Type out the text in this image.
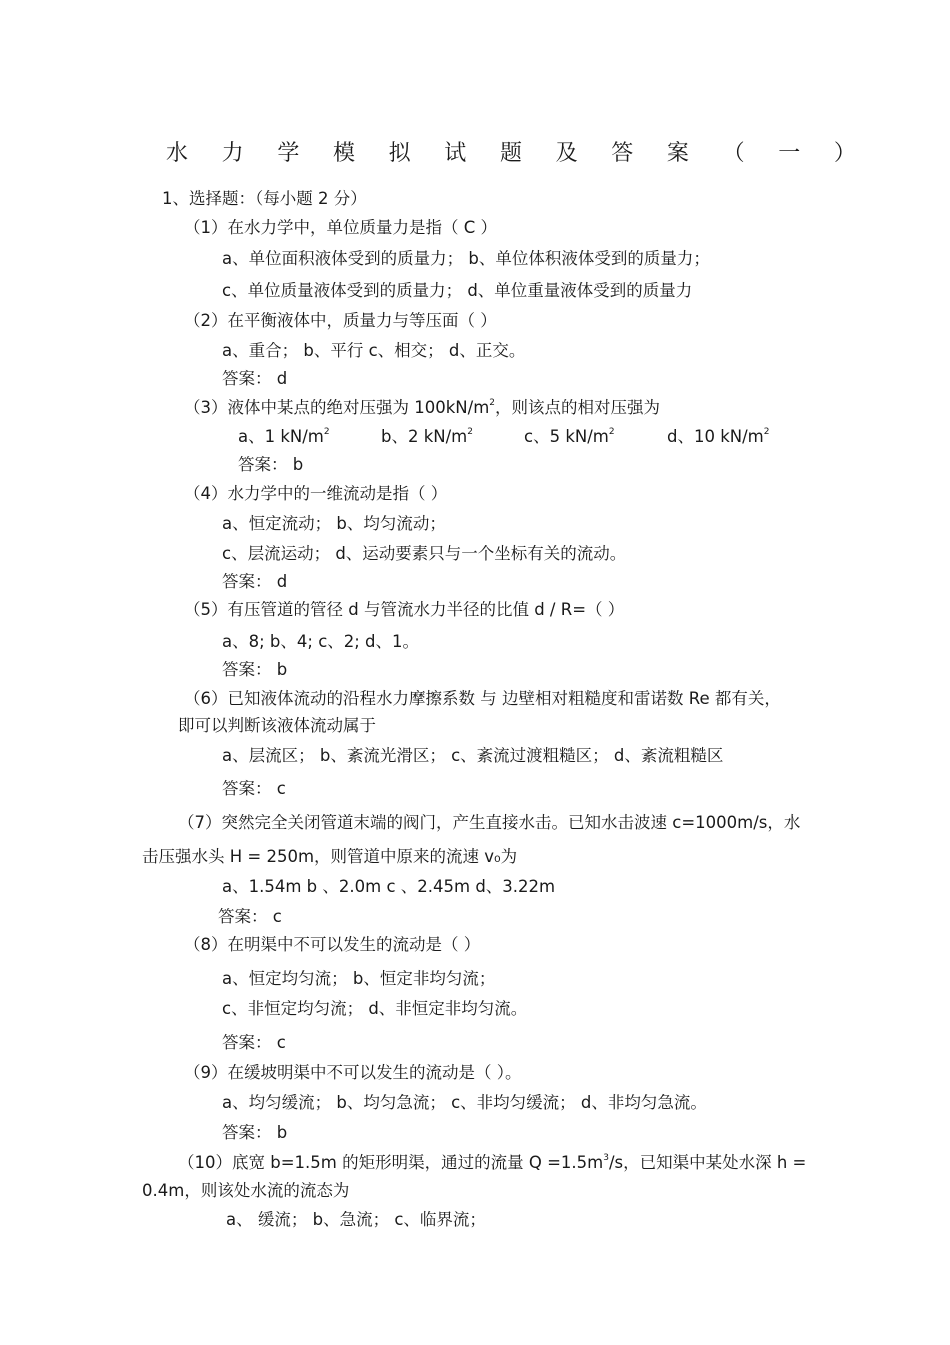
水 力 学 模 拟 试 题 及 答 案 （ 一 ）
1、选择题：（每小题 2 分）
（1）在水力学中，单位质量力是指（ C ）
a、单位面积液体受到的质量力； b、单位体积液体受到的质量力；
c、单位质量液体受到的质量力； d、单位重量液体受到的质量力
（2）在平衡液体中，质量力与等压面（ ）
a、重合； b、平行 c、相交； d、正交。
答案： d
（3）液体中某点的绝对压强为 $100kN/m^2$，则该点的相对压强为
a、1 $kN/m^2$	b、2 $kN/m^2$	c、5 $kN/m^2$	d、10 $kN/m^2$
答案： b
（4）水力学中的一维流动是指（ ）
a、恒定流动； b、均匀流动；
c、层流运动； d、运动要素只与一个坐标有关的流动。
答案： d
（5）有压管道的管径 d 与管流水力半径的比值 d / R=（ ）
a、8; b、4; c、2; d、1。
答案： b
（6）已知液体流动的沿程水力摩擦系数 与 边壁相对粗糙度和雷诺数 Re 都有关，
即可以判断该液体流动属于
a、层流区； b、紊流光滑区； c、紊流过渡粗糙区； d、紊流粗糙区
答案： c
（7）突然完全关闭管道末端的阀门，产生直接水击。已知水击波速 c=1000m/s，水
击压强水头 H = 250m，则管道中原来的流速 v₀为
a、1.54m b 、2.0m c 、2.45m d、3.22m
答案： c
（8）在明渠中不可以发生的流动是（ ）
a、恒定均匀流； b、恒定非均匀流；
c、非恒定均匀流； d、非恒定非均匀流。
答案： c
（9）在缓坡明渠中不可以发生的流动是（ ）。
a、均匀缓流； b、均匀急流； c、非均匀缓流； d、非均匀急流。
答案： b
（10）底宽 b=1.5m 的矩形明渠，通过的流量 $Q =1.5m^3/s$，已知渠中某处水深 h =
0.4m，则该处水流的流态为
a、 缓流； b、急流； c、临界流；
